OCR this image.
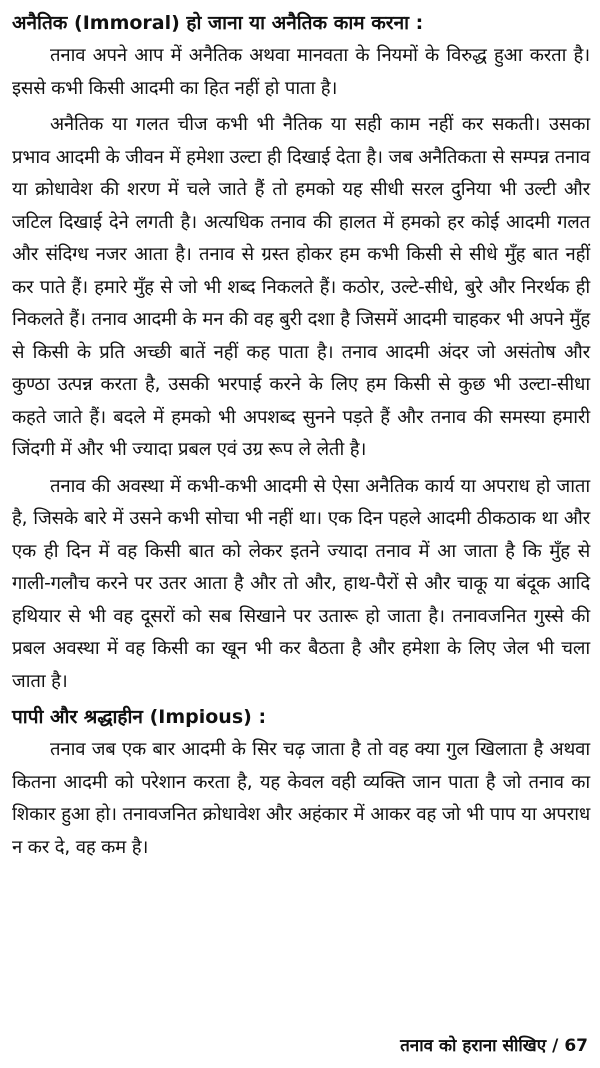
अनैतिक (Immoral) हो जाना या अनैतिक काम करना :

तनाव अपने आप में अनैतिक अथवा मानवता के नियमों के विरुद्ध हुआ करता है। इससे कभी किसी आदमी का हित नहीं हो पाता है।

अनैतिक या गलत चीज कभी भी नैतिक या सही काम नहीं कर सकती। उसका प्रभाव आदमी के जीवन में हमेशा उल्टा ही दिखाई देता है। जब अनैतिकता से सम्पन्न तनाव या क्रोधावेश की शरण में चले जाते हैं तो हमको यह सीधी सरल दुनिया भी उल्टी और जटिल दिखाई देने लगती है। अत्यधिक तनाव की हालत में हमको हर कोई आदमी गलत और संदिग्ध नजर आता है। तनाव से ग्रस्त होकर हम कभी किसी से सीधे मुँह बात नहीं कर पाते हैं। हमारे मुँह से जो भी शब्द निकलते हैं। कठोर, उल्टे-सीधे, बुरे और निरर्थक ही निकलते हैं। तनाव आदमी के मन की वह बुरी दशा है जिसमें आदमी चाहकर भी अपने मुँह से किसी के प्रति अच्छी बातें नहीं कह पाता है। तनाव आदमी अंदर जो असंतोष और कुण्ठा उत्पन्न करता है, उसकी भरपाई करने के लिए हम किसी से कुछ भी उल्टा-सीधा कहते जाते हैं। बदले में हमको भी अपशब्द सुनने पड़ते हैं और तनाव की समस्या हमारी जिंदगी में और भी ज्यादा प्रबल एवं उग्र रूप ले लेती है।

तनाव की अवस्था में कभी-कभी आदमी से ऐसा अनैतिक कार्य या अपराध हो जाता है, जिसके बारे में उसने कभी सोचा भी नहीं था। एक दिन पहले आदमी ठीकठाक था और एक ही दिन में वह किसी बात को लेकर इतने ज्यादा तनाव में आ जाता है कि मुँह से गाली-गलौच करने पर उतर आता है और तो और, हाथ-पैरों से और चाकू या बंदूक आदि हथियार से भी वह दूसरों को सब सिखाने पर उतारू हो जाता है। तनावजनित गुस्से की प्रबल अवस्था में वह किसी का खून भी कर बैठता है और हमेशा के लिए जेल भी चला जाता है।

पापी और श्रद्धाहीन (Impious) :

तनाव जब एक बार आदमी के सिर चढ़ जाता है तो वह क्या गुल खिलाता है अथवा कितना आदमी को परेशान करता है, यह केवल वही व्यक्ति जान पाता है जो तनाव का शिकार हुआ हो। तनावजनित क्रोधावेश और अहंकार में आकर वह जो भी पाप या अपराध न कर दे, वह कम है।

तनाव को हराना सीखिए / 67
